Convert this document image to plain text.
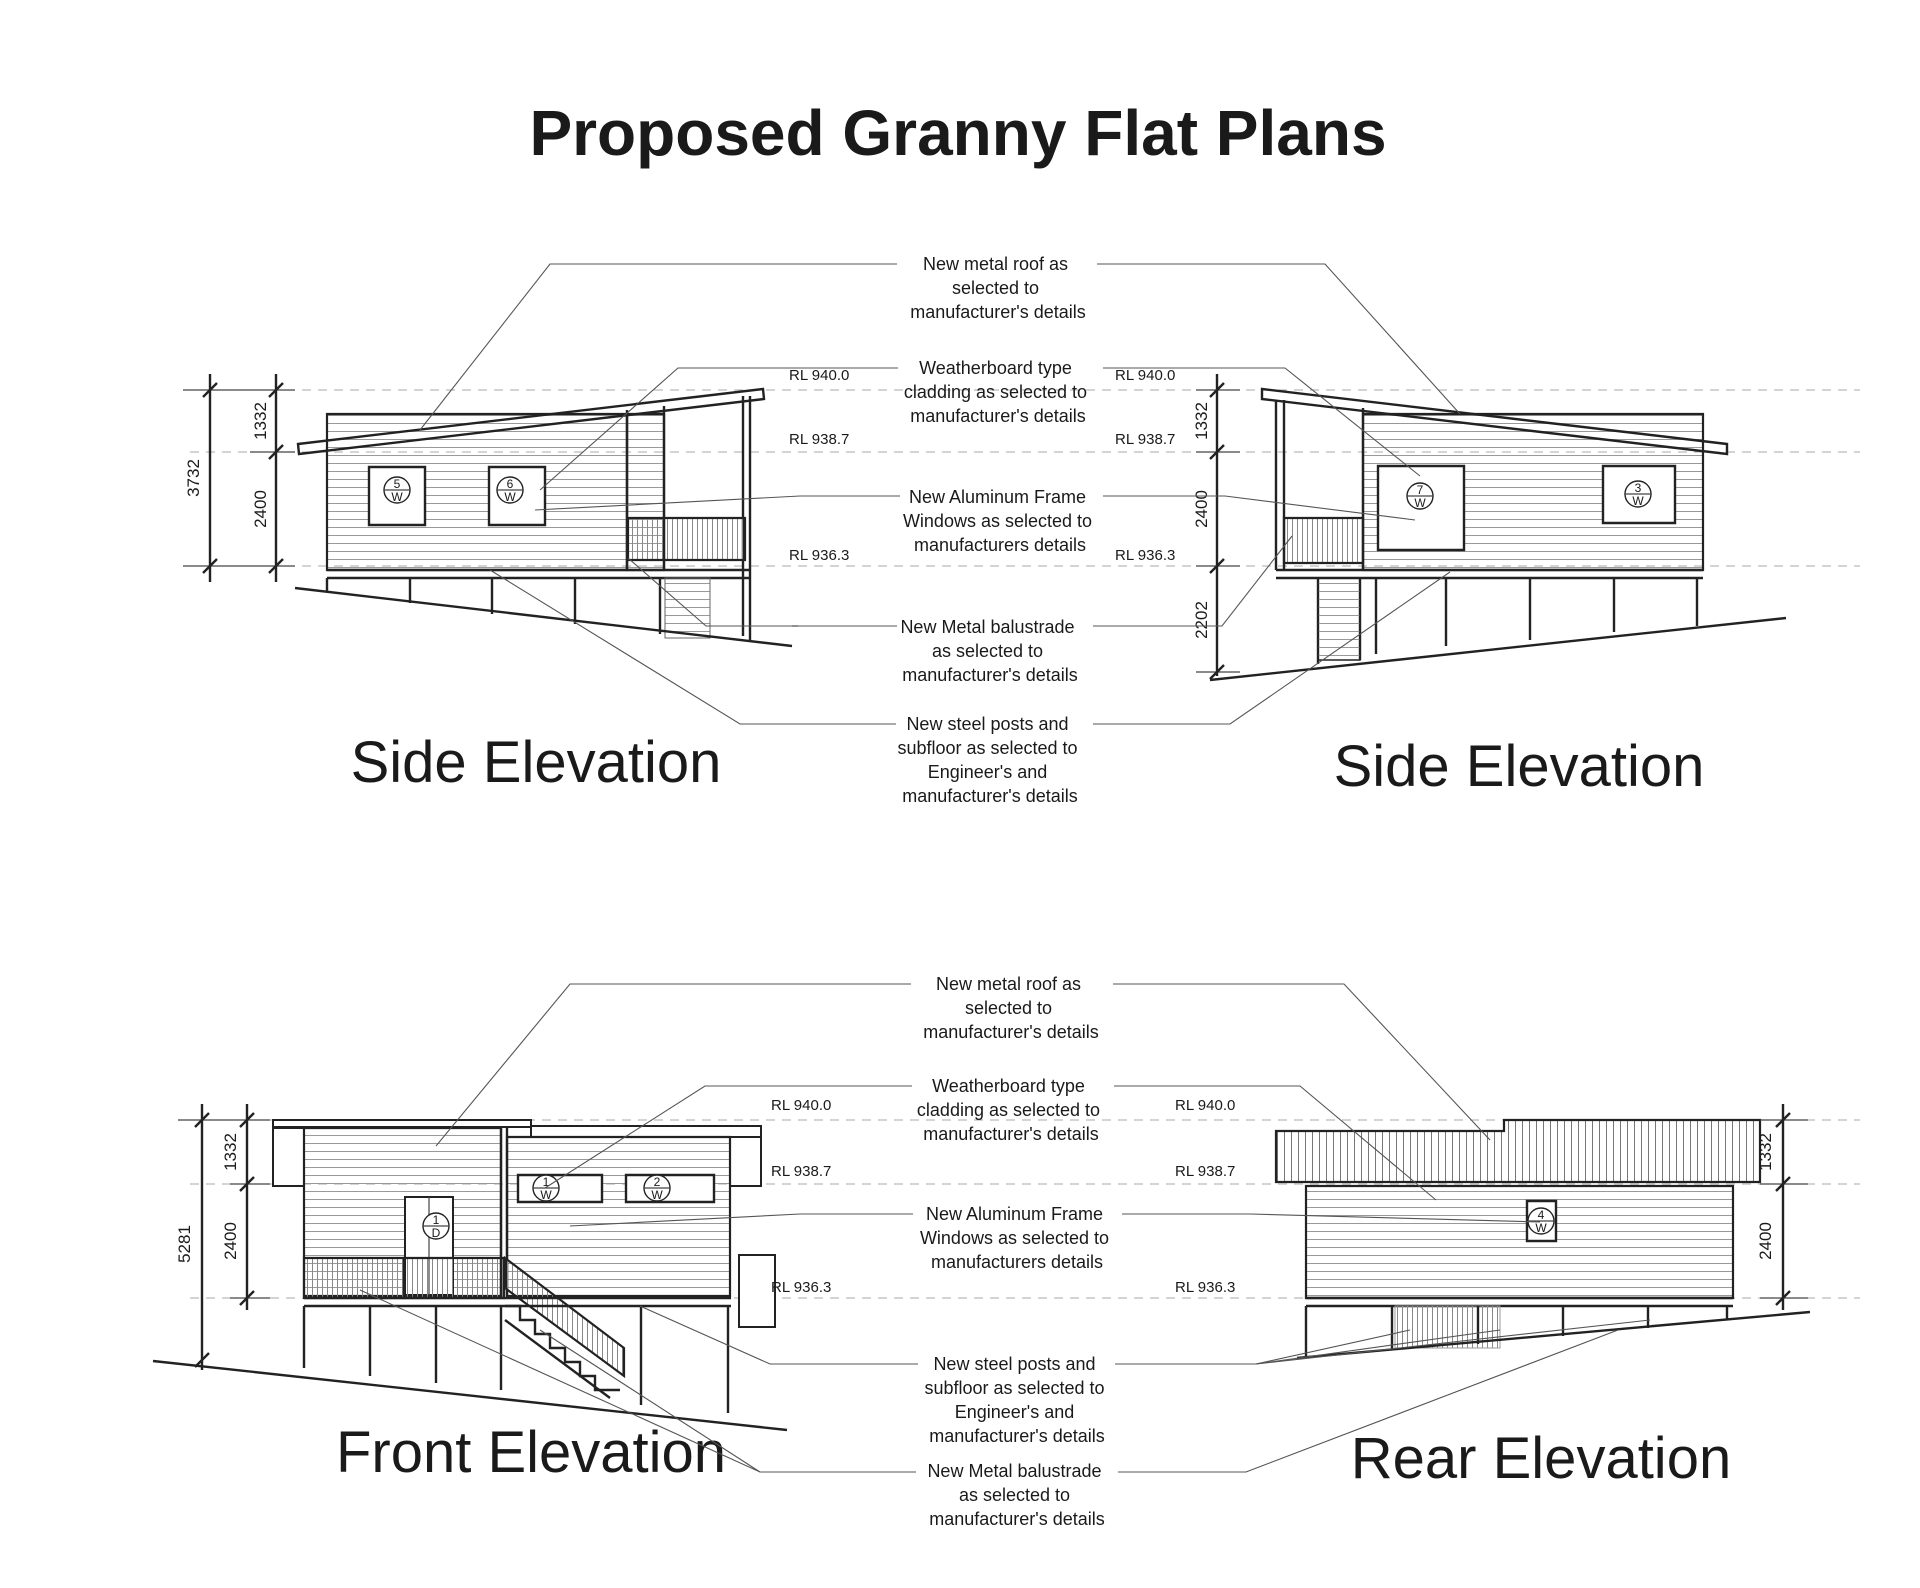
Proposed Granny Flat Plans
5
W
6
W
3732
1332
2400
RL 940.0
RL 938.7
RL 936.3
Side Elevation
7
W
3
W
1332
2400
2202
RL 940.0
RL 938.7
RL 936.3
Side Elevation
New metal roof as selected to manufacturer's details
Weatherboard type cladding as selected to manufacturer's details
New Aluminum Frame Windows as selected to manufacturers details
New Metal balustrade as selected to manufacturer's details
New steel posts and subfloor as selected to Engineer's and manufacturer's details
1
D
1
W
2
W
5281
1332
2400
RL 940.0
RL 938.7
RL 936.3
Front Elevation
4
W
1332
2400
RL 940.0
RL 938.7
RL 936.3
Rear Elevation
New metal roof as selected to manufacturer's details
Weatherboard type cladding as selected to manufacturer's details
New Aluminum Frame Windows as selected to manufacturers details
New steel posts and subfloor as selected to Engineer's and manufacturer's details
New Metal balustrade as selected to manufacturer's details
